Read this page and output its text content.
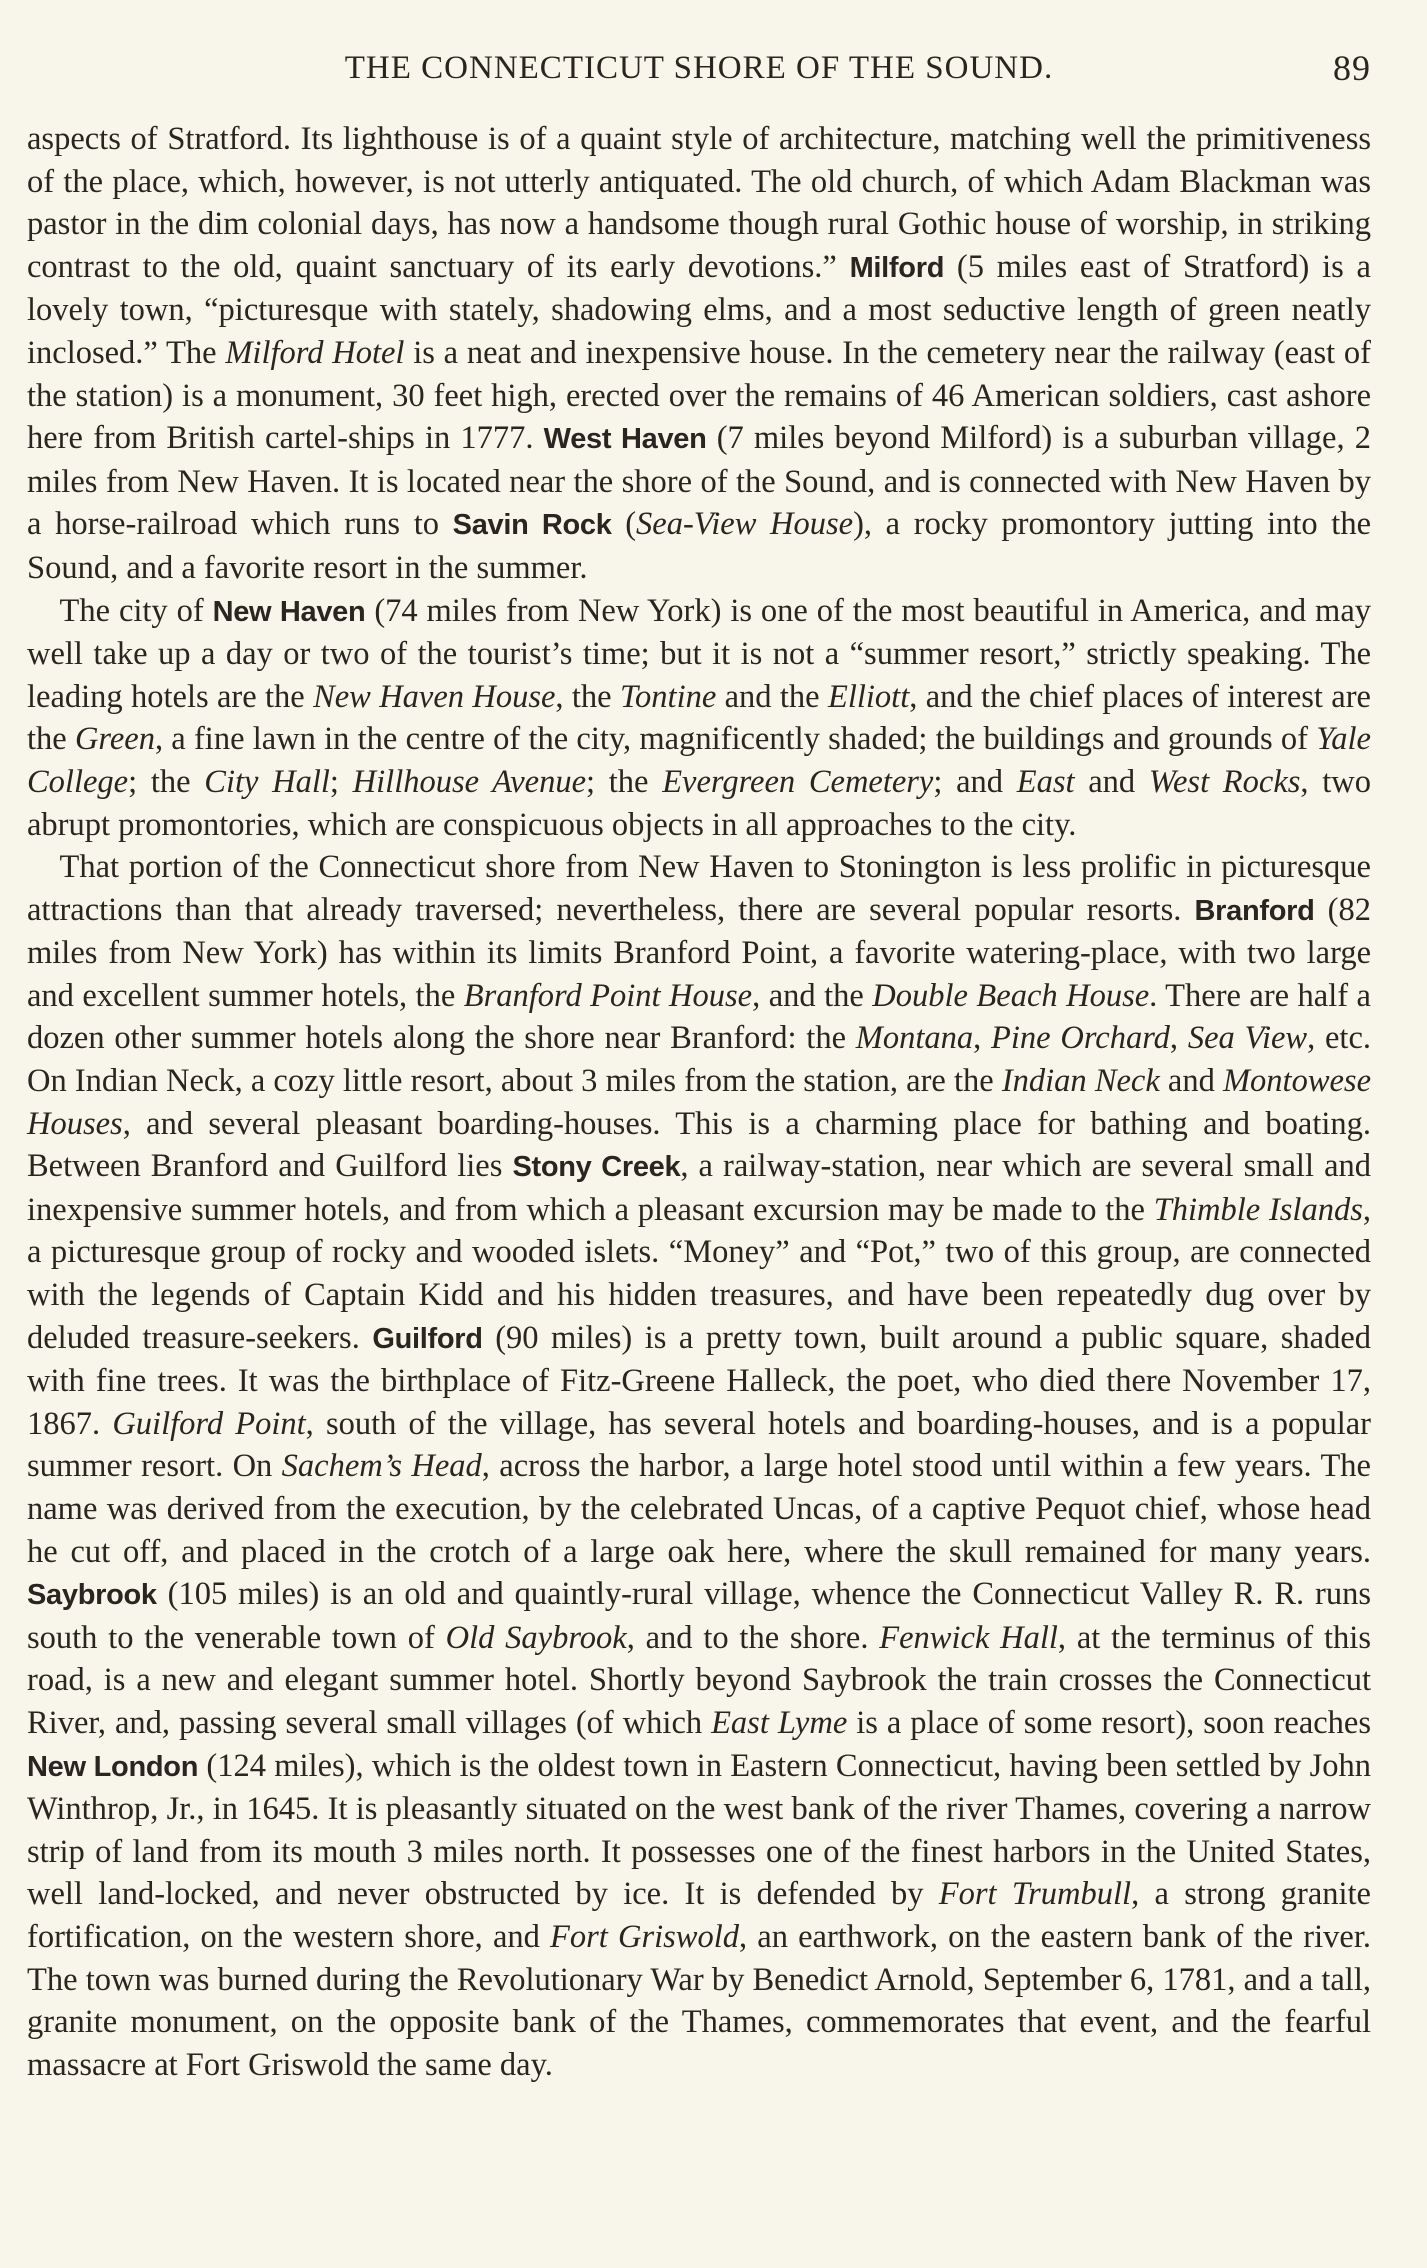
THE CONNECTICUT SHORE OF THE SOUND.	89

aspects of Stratford. Its lighthouse is of a quaint style of architecture, matching well the primitiveness of the place, which, however, is not utterly antiquated. The old church, of which Adam Blackman was pastor in the dim colonial days, has now a handsome though rural Gothic house of worship, in striking contrast to the old, quaint sanctuary of its early devotions.” Milford (5 miles east of Stratford) is a lovely town, “picturesque with stately, shadowing elms, and a most seductive length of green neatly inclosed.” The Milford Hotel is a neat and inexpensive house. In the cemetery near the railway (east of the station) is a monument, 30 feet high, erected over the remains of 46 American soldiers, cast ashore here from British cartel-ships in 1777. West Haven (7 miles beyond Milford) is a suburban village, 2 miles from New Haven. It is located near the shore of the Sound, and is connected with New Haven by a horse-railroad which runs to Savin Rock (Sea-View House), a rocky promontory jutting into the Sound, and a favorite resort in the summer.

The city of New Haven (74 miles from New York) is one of the most beautiful in America, and may well take up a day or two of the tourist’s time; but it is not a “summer resort,” strictly speaking. The leading hotels are the New Haven House, the Tontine and the Elliott, and the chief places of interest are the Green, a fine lawn in the centre of the city, magnificently shaded; the buildings and grounds of Yale College; the City Hall; Hillhouse Avenue; the Evergreen Cemetery; and East and West Rocks, two abrupt promontories, which are conspicuous objects in all approaches to the city.

That portion of the Connecticut shore from New Haven to Stonington is less prolific in picturesque attractions than that already traversed; nevertheless, there are several popular resorts. Branford (82 miles from New York) has within its limits Branford Point, a favorite watering-place, with two large and excellent summer hotels, the Branford Point House, and the Double Beach House. There are half a dozen other summer hotels along the shore near Branford: the Montana, Pine Orchard, Sea View, etc. On Indian Neck, a cozy little resort, about 3 miles from the station, are the Indian Neck and Montowese Houses, and several pleasant boarding-houses. This is a charming place for bathing and boating. Between Branford and Guilford lies Stony Creek, a railway-station, near which are several small and inexpensive summer hotels, and from which a pleasant excursion may be made to the Thimble Islands, a picturesque group of rocky and wooded islets. “Money” and “Pot,” two of this group, are connected with the legends of Captain Kidd and his hidden treasures, and have been repeatedly dug over by deluded treasure-seekers. Guilford (90 miles) is a pretty town, built around a public square, shaded with fine trees. It was the birthplace of Fitz-Greene Halleck, the poet, who died there November 17, 1867. Guilford Point, south of the village, has several hotels and boarding-houses, and is a popular summer resort. On Sachem’s Head, across the harbor, a large hotel stood until within a few years. The name was derived from the execution, by the celebrated Uncas, of a captive Pequot chief, whose head he cut off, and placed in the crotch of a large oak here, where the skull remained for many years. Saybrook (105 miles) is an old and quaintly-rural village, whence the Connecticut Valley R. R. runs south to the venerable town of Old Saybrook, and to the shore. Fenwick Hall, at the terminus of this road, is a new and elegant summer hotel. Shortly beyond Saybrook the train crosses the Connecticut River, and, passing several small villages (of which East Lyme is a place of some resort), soon reaches New London (124 miles), which is the oldest town in Eastern Connecticut, having been settled by John Winthrop, Jr., in 1645. It is pleasantly situated on the west bank of the river Thames, covering a narrow strip of land from its mouth 3 miles north. It possesses one of the finest harbors in the United States, well land-locked, and never obstructed by ice. It is defended by Fort Trumbull, a strong granite fortification, on the western shore, and Fort Griswold, an earthwork, on the eastern bank of the river. The town was burned during the Revolutionary War by Benedict Arnold, September 6, 1781, and a tall, granite monument, on the opposite bank of the Thames, commemorates that event, and the fearful massacre at Fort Griswold the same day.
